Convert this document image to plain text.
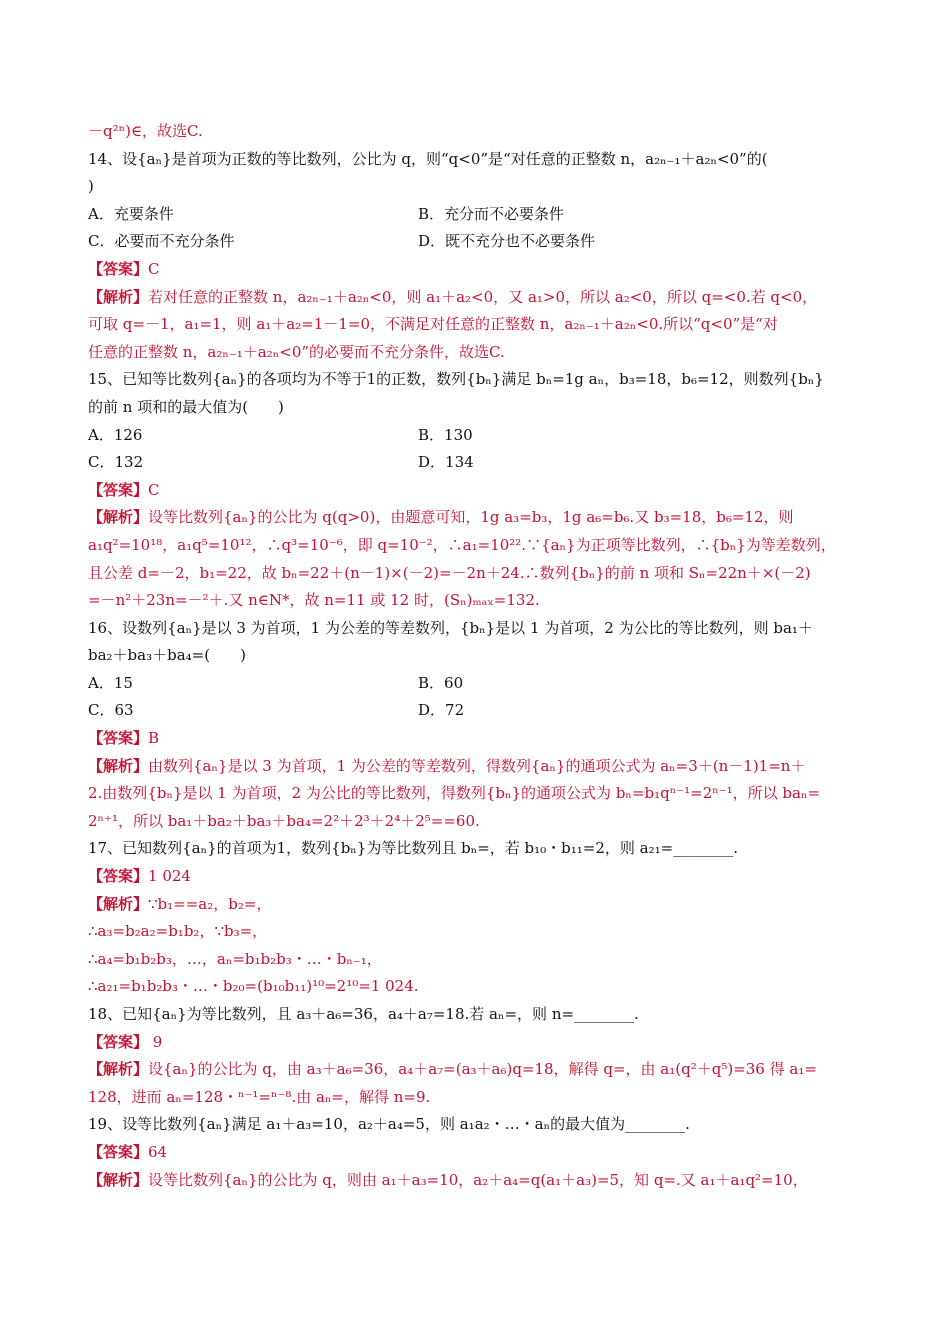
－q²ⁿ)∈，故选C.
14、设{aₙ}是首项为正数的等比数列，公比为 q，则“q<0”是“对任意的正整数 n，a₂ₙ₋₁＋a₂ₙ<0”的(
)
A．充要条件	B．充分而不必要条件
C．必要而不充分条件	D．既不充分也不必要条件
【答案】C
【解析】若对任意的正整数 n，a₂ₙ₋₁＋a₂ₙ<0，则 a₁＋a₂<0，又 a₁>0，所以 a₂<0，所以 q=<0.若 q<0，
可取 q=－1，a₁=1，则 a₁＋a₂=1－1=0，不满足对任意的正整数 n，a₂ₙ₋₁＋a₂ₙ<0.所以“q<0”是“对
任意的正整数 n，a₂ₙ₋₁＋a₂ₙ<0”的必要而不充分条件，故选C.
15、已知等比数列{aₙ}的各项均为不等于1的正数，数列{bₙ}满足 bₙ=1g aₙ，b₃=18，b₆=12，则数列{bₙ}
的前 n 项和的最大值为(　　)
A．126	B．130
C．132	D．134
【答案】C
【解析】设等比数列{aₙ}的公比为 q(q>0)，由题意可知，1g a₃=b₃，1g a₆=b₆.又 b₃=18，b₆=12，则
a₁q²=10¹⁸，a₁q⁵=10¹²，∴q³=10⁻⁶，即 q=10⁻²，∴a₁=10²².∵{aₙ}为正项等比数列，∴{bₙ}为等差数列，
且公差 d=－2，b₁=22，故 bₙ=22＋(n－1)×(－2)=－2n＋24.∴数列{bₙ}的前 n 项和 Sₙ=22n＋×(－2)
=－n²＋23n=－²＋.又 n∈N*，故 n=11 或 12 时，(Sₙ)ₘₐₓ=132.
16、设数列{aₙ}是以 3 为首项，1 为公差的等差数列，{bₙ}是以 1 为首项，2 为公比的等比数列，则 ba₁＋
ba₂＋ba₃＋ba₄=(　　)
A．15	B．60
C．63	D．72
【答案】B
【解析】由数列{aₙ}是以 3 为首项，1 为公差的等差数列，得数列{aₙ}的通项公式为 aₙ=3＋(n－1)1=n＋
2.由数列{bₙ}是以 1 为首项，2 为公比的等比数列，得数列{bₙ}的通项公式为 bₙ=b₁qⁿ⁻¹=2ⁿ⁻¹，所以 baₙ=
2ⁿ⁺¹，所以 ba₁＋ba₂＋ba₃＋ba₄=2²＋2³＋2⁴＋2⁵==60.
17、已知数列{aₙ}的首项为1，数列{bₙ}为等比数列且 bₙ=，若 b₁₀・b₁₁=2，则 a₂₁=________.
【答案】1 024
【解析】∵b₁==a₂，b₂=，
∴a₃=b₂a₂=b₁b₂，∵b₃=，
∴a₄=b₁b₂b₃，…，aₙ=b₁b₂b₃・…・bₙ₋₁，
∴a₂₁=b₁b₂b₃・…・b₂₀=(b₁₀b₁₁)¹⁰=2¹⁰=1 024.
18、已知{aₙ}为等比数列，且 a₃＋a₆=36，a₄＋a₇=18.若 aₙ=，则 n=________.
【答案】 9
【解析】设{aₙ}的公比为 q，由 a₃＋a₆=36，a₄＋a₇=(a₃＋a₆)q=18，解得 q=，由 a₁(q²＋q⁵)=36 得 a₁=
128，进而 aₙ=128・ⁿ⁻¹=ⁿ⁻⁸.由 aₙ=，解得 n=9.
19、设等比数列{aₙ}满足 a₁＋a₃=10，a₂＋a₄=5，则 a₁a₂・…・aₙ的最大值为________.
【答案】64
【解析】设等比数列{aₙ}的公比为 q，则由 a₁＋a₃=10，a₂＋a₄=q(a₁＋a₃)=5，知 q=.又 a₁＋a₁q²=10，
